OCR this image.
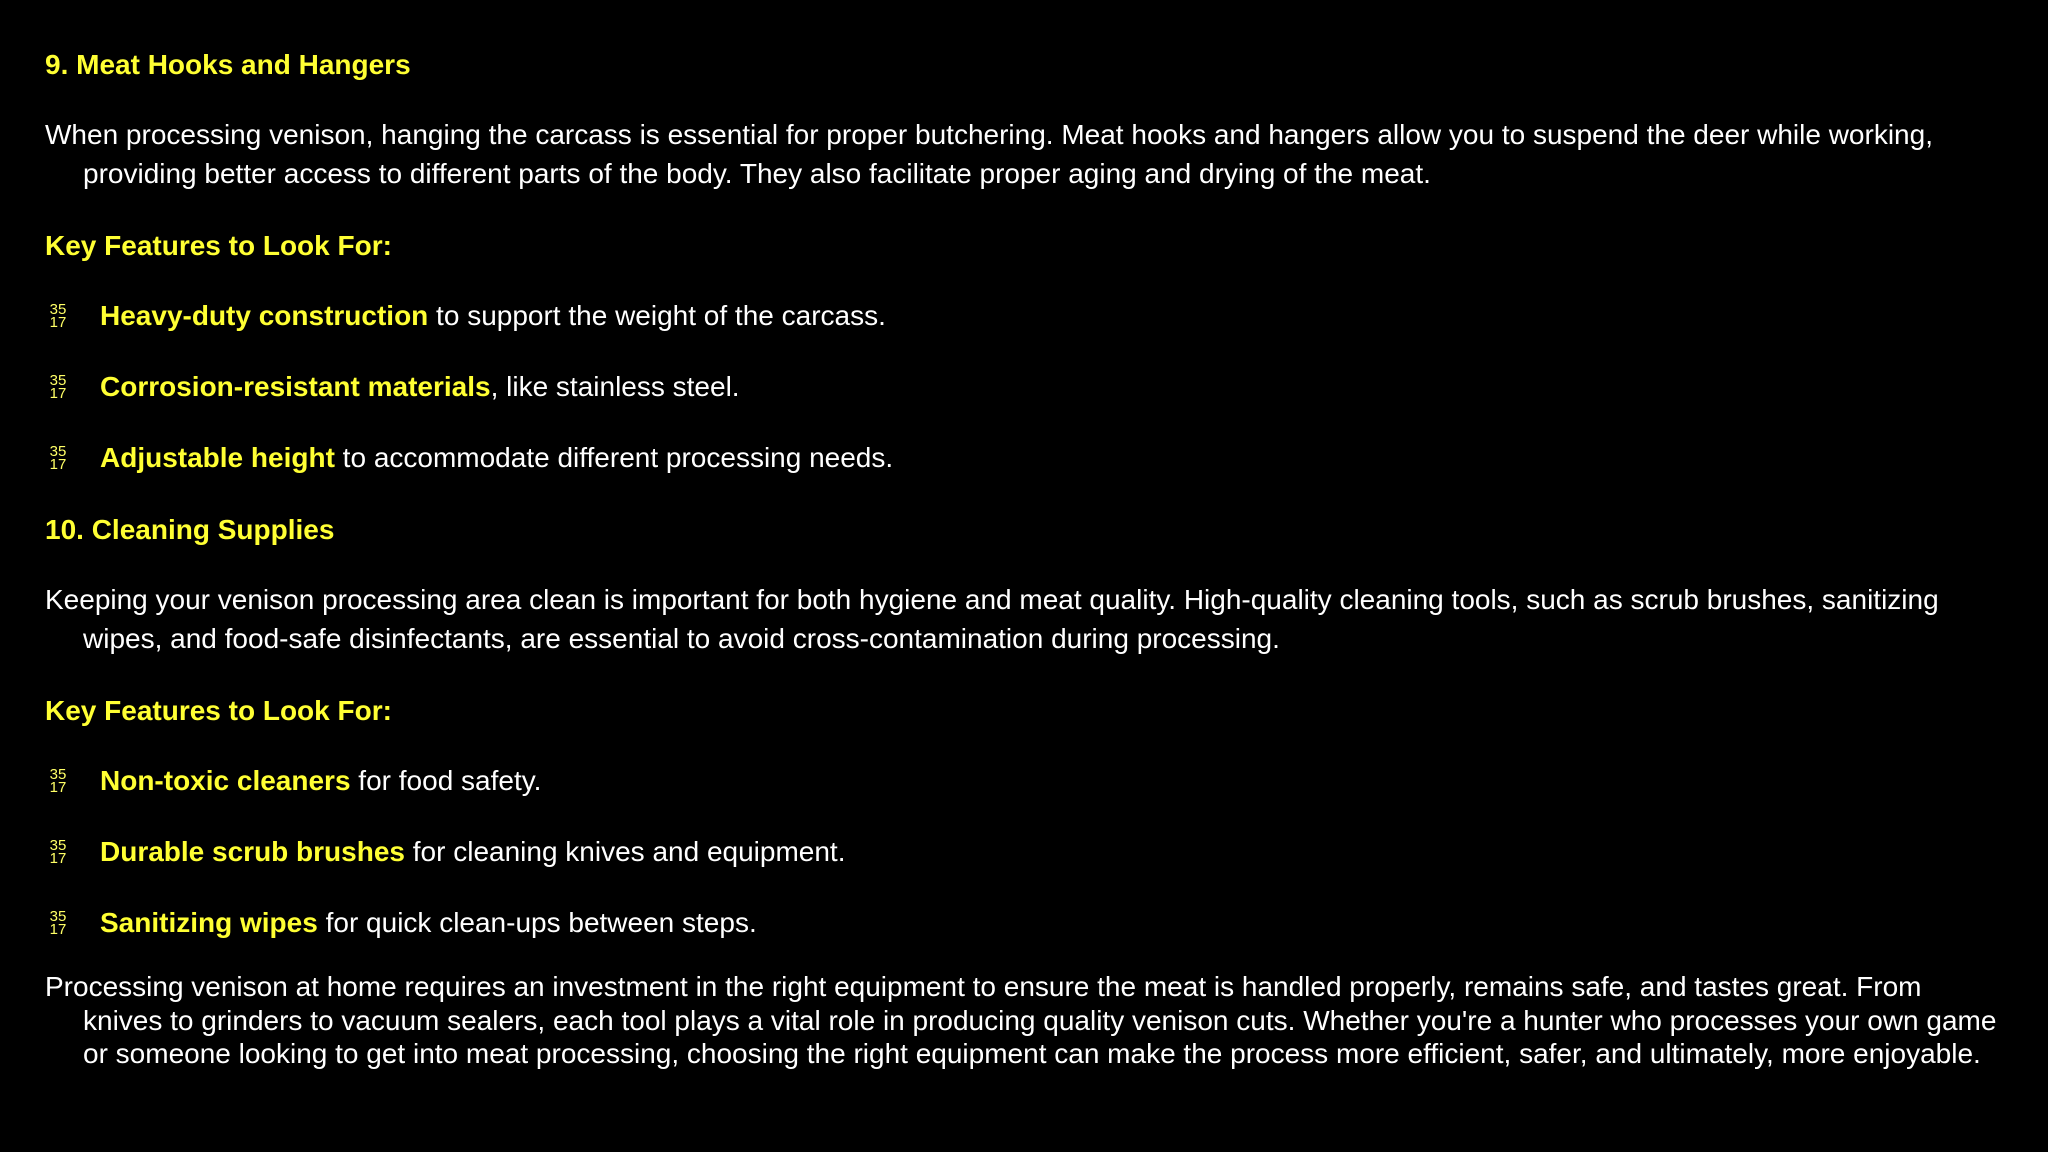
9. Meat Hooks and Hangers
When processing venison, hanging the carcass is essential for proper butchering. Meat hooks and hangers allow you to suspend the deer while working, providing better access to different parts of the body. They also facilitate proper aging and drying of the meat.
Key Features to Look For:
35
17 Heavy-duty construction to support the weight of the carcass.
35
17 Corrosion-resistant materials, like stainless steel.
35
17 Adjustable height to accommodate different processing needs.
10. Cleaning Supplies
Keeping your venison processing area clean is important for both hygiene and meat quality. High-quality cleaning tools, such as scrub brushes, sanitizing wipes, and food-safe disinfectants, are essential to avoid cross-contamination during processing.
Key Features to Look For:
35
17 Non-toxic cleaners for food safety.
35
17 Durable scrub brushes for cleaning knives and equipment.
35
17 Sanitizing wipes for quick clean-ups between steps.
Processing venison at home requires an investment in the right equipment to ensure the meat is handled properly, remains safe, and tastes great. From knives to grinders to vacuum sealers, each tool plays a vital role in producing quality venison cuts. Whether you're a hunter who processes your own game or someone looking to get into meat processing, choosing the right equipment can make the process more efficient, safer, and ultimately, more enjoyable.
